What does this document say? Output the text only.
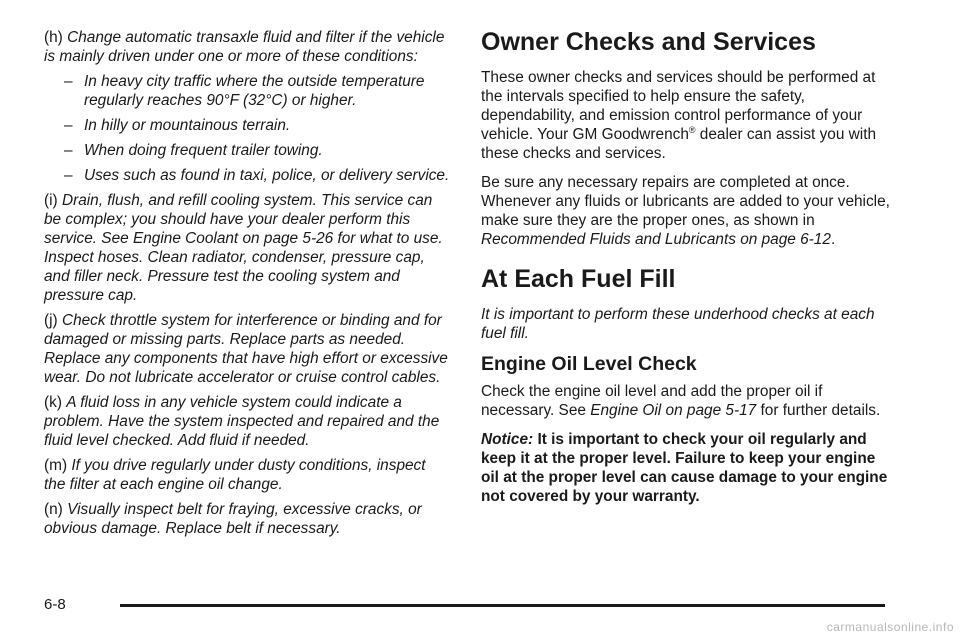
(h) Change automatic transaxle fluid and filter if the vehicle is mainly driven under one or more of these conditions:

– In heavy city traffic where the outside temperature regularly reaches 90°F (32°C) or higher.
– In hilly or mountainous terrain.
– When doing frequent trailer towing.
– Uses such as found in taxi, police, or delivery service.

(i) Drain, flush, and refill cooling system. This service can be complex; you should have your dealer perform this service. See Engine Coolant on page 5-26 for what to use. Inspect hoses. Clean radiator, condenser, pressure cap, and filler neck. Pressure test the cooling system and pressure cap.

(j) Check throttle system for interference or binding and for damaged or missing parts. Replace parts as needed. Replace any components that have high effort or excessive wear. Do not lubricate accelerator or cruise control cables.

(k) A fluid loss in any vehicle system could indicate a problem. Have the system inspected and repaired and the fluid level checked. Add fluid if needed.

(m) If you drive regularly under dusty conditions, inspect the filter at each engine oil change.

(n) Visually inspect belt for fraying, excessive cracks, or obvious damage. Replace belt if necessary.

Owner Checks and Services

These owner checks and services should be performed at the intervals specified to help ensure the safety, dependability, and emission control performance of your vehicle. Your GM Goodwrench® dealer can assist you with these checks and services.

Be sure any necessary repairs are completed at once. Whenever any fluids or lubricants are added to your vehicle, make sure they are the proper ones, as shown in Recommended Fluids and Lubricants on page 6-12.

At Each Fuel Fill

It is important to perform these underhood checks at each fuel fill.

Engine Oil Level Check

Check the engine oil level and add the proper oil if necessary. See Engine Oil on page 5-17 for further details.

Notice: It is important to check your oil regularly and keep it at the proper level. Failure to keep your engine oil at the proper level can cause damage to your engine not covered by your warranty.

6-8
carmanualsonline.info
